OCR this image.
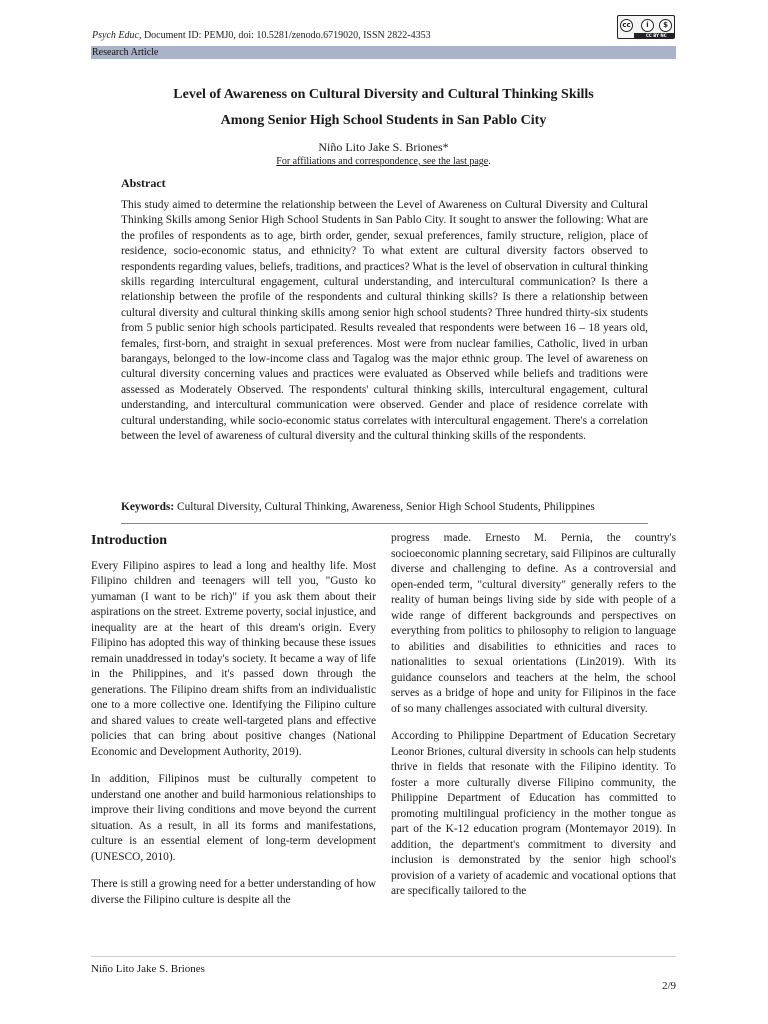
Psych Educ, Document ID: PEMJ0, doi: 10.5281/zenodo.6719020, ISSN 2822-4353
cc	i	$
CC BY NC
Research Article
Level of Awareness on Cultural Diversity and Cultural Thinking Skills
Among Senior High School Students in San Pablo City
Niño Lito Jake S. Briones*
For affiliations and correspondence, see the last page.
Abstract

This study aimed to determine the relationship between the Level of Awareness on Cultural Diversity and Cultural Thinking Skills among Senior High School Students in San Pablo City. It sought to answer the following: What are the profiles of respondents as to age, birth order, gender, sexual preferences, family structure, religion, place of residence, socio-economic status, and ethnicity? To what extent are cultural diversity factors observed to respondents regarding values, beliefs, traditions, and practices? What is the level of observation in cultural thinking skills regarding intercultural engagement, cultural understanding, and intercultural communication? Is there a relationship between the profile of the respondents and cultural thinking skills? Is there a relationship between cultural diversity and cultural thinking skills among senior high school students? Three hundred thirty-six students from 5 public senior high schools participated. Results revealed that respondents were between 16 – 18 years old, females, first-born, and straight in sexual preferences. Most were from nuclear families, Catholic, lived in urban barangays, belonged to the low-income class and Tagalog was the major ethnic group. The level of awareness on cultural diversity concerning values and practices were evaluated as Observed while beliefs and traditions were assessed as Moderately Observed. The respondents' cultural thinking skills, intercultural engagement, cultural understanding, and intercultural communication were observed. Gender and place of residence correlate with cultural understanding, while socio-economic status correlates with intercultural engagement. There's a correlation between the level of awareness of cultural diversity and the cultural thinking skills of the respondents.

Keywords: Cultural Diversity, Cultural Thinking, Awareness, Senior High School Students, Philippines
Introduction

Every Filipino aspires to lead a long and healthy life. Most Filipino children and teenagers will tell you, "Gusto ko yumaman (I want to be rich)" if you ask them about their aspirations on the street. Extreme poverty, social injustice, and inequality are at the heart of this dream's origin. Every Filipino has adopted this way of thinking because these issues remain unaddressed in today's society. It became a way of life in the Philippines, and it's passed down through the generations. The Filipino dream shifts from an individualistic one to a more collective one. Identifying the Filipino culture and shared values to create well-targeted plans and effective policies that can bring about positive changes (National Economic and Development Authority, 2019).

In addition, Filipinos must be culturally competent to understand one another and build harmonious relationships to improve their living conditions and move beyond the current situation. As a result, in all its forms and manifestations, culture is an essential element of long-term development (UNESCO, 2010).

There is still a growing need for a better understanding of how diverse the Filipino culture is despite all the

progress made. Ernesto M. Pernia, the country's socioeconomic planning secretary, said Filipinos are culturally diverse and challenging to define. As a controversial and open-ended term, "cultural diversity" generally refers to the reality of human beings living side by side with people of a wide range of different backgrounds and perspectives on everything from politics to philosophy to religion to language to abilities and disabilities to ethnicities and races to nationalities to sexual orientations (Lin2019). With its guidance counselors and teachers at the helm, the school serves as a bridge of hope and unity for Filipinos in the face of so many challenges associated with cultural diversity.

According to Philippine Department of Education Secretary Leonor Briones, cultural diversity in schools can help students thrive in fields that resonate with the Filipino identity. To foster a more culturally diverse Filipino community, the Philippine Department of Education has committed to promoting multilingual proficiency in the mother tongue as part of the K-12 education program (Montemayor 2019). In addition, the department's commitment to diversity and inclusion is demonstrated by the senior high school's provision of a variety of academic and vocational options that are specifically tailored to the

Niño Lito Jake S. Briones
2/9
